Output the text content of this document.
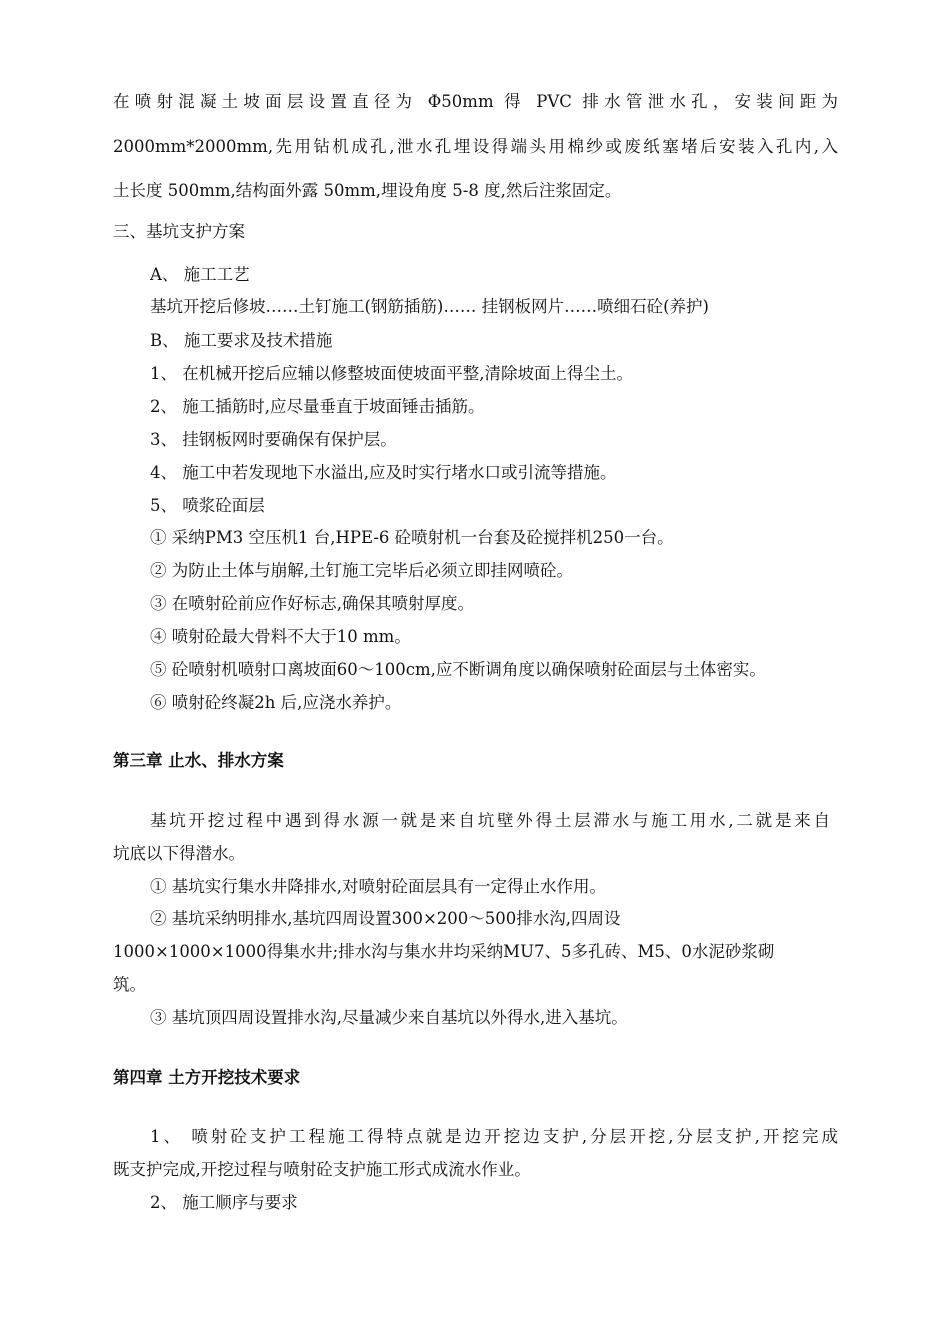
在喷射混凝土坡面层设置直径为 Φ50mm 得 PVC 排水管泄水孔，安装间距为
2000mm*2000mm,先用钻机成孔,泄水孔埋设得端头用棉纱或废纸塞堵后安装入孔内,入
土长度 500mm,结构面外露 50mm,埋设角度 5-8 度,然后注浆固定。
三、基坑支护方案
A、 施工工艺
基坑开挖后修坡……土钉施工(钢筋插筋)…… 挂钢板网片……喷细石砼(养护)
B、 施工要求及技术措施
1、 在机械开挖后应辅以修整坡面使坡面平整,清除坡面上得尘土。
2、 施工插筋时,应尽量垂直于坡面锤击插筋。
3、 挂钢板网时要确保有保护层。
4、 施工中若发现地下水溢出,应及时实行堵水口或引流等措施。
5、 喷浆砼面层
① 采纳PM3 空压机1 台,HPE-6 砼喷射机一台套及砼搅拌机250一台。
② 为防止土体与崩解,土钉施工完毕后必须立即挂网喷砼。
③ 在喷射砼前应作好标志,确保其喷射厚度。
④ 喷射砼最大骨料不大于10 mm。
⑤ 砼喷射机喷射口离坡面60～100cm,应不断调角度以确保喷射砼面层与土体密实。
⑥ 喷射砼终凝2h 后,应浇水养护。
第三章 止水、排水方案
基坑开挖过程中遇到得水源一就是来自坑壁外得土层滞水与施工用水,二就是来自
坑底以下得潜水。
① 基坑实行集水井降排水,对喷射砼面层具有一定得止水作用。
② 基坑采纳明排水,基坑四周设置300×200～500排水沟,四周设
1000×1000×1000得集水井;排水沟与集水井均采纳MU7、5多孔砖、M5、0水泥砂浆砌
筑。
③ 基坑顶四周设置排水沟,尽量减少来自基坑以外得水,进入基坑。
第四章 土方开挖技术要求
1、 喷射砼支护工程施工得特点就是边开挖边支护,分层开挖,分层支护,开挖完成
既支护完成,开挖过程与喷射砼支护施工形式成流水作业。
2、 施工顺序与要求
